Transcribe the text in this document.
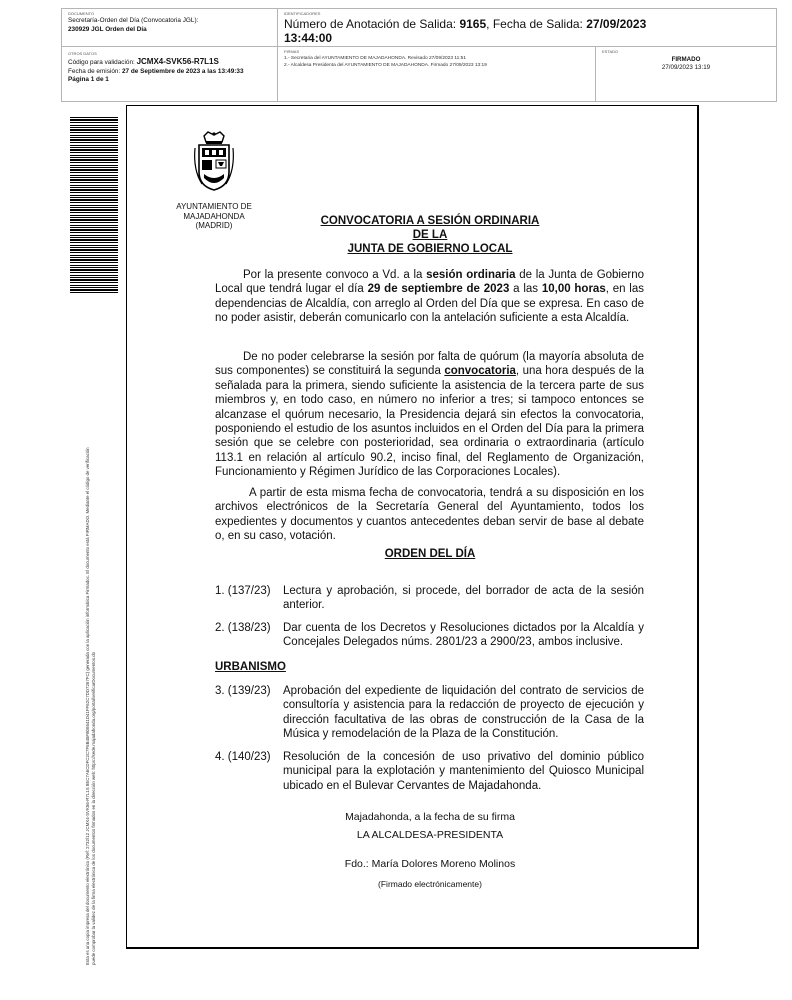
DOCUMENTO
Secretaría-Orden del Día (Convocatoria JGL):
230929 JGL Orden del Día
IDENTIFICADORES
Número de Anotación de Salida: 9165, Fecha de Salida: 27/09/2023
13:44:00
OTROS DATOS
Código para validación: JCMX4-SVK56-R7L1S
Fecha de emisión: 27 de Septiembre de 2023 a las 13:49:33
Página 1 de 1
FIRMAS
1.- Secretaria del AYUNTAMIENTO DE MAJADAHONDA. Revisado 27/09/2023 11:51
2.- Alcaldesa Presidenta del AYUNTAMIENTO DE MAJADAHONDA. Firmado 27/09/2023 13:19
ESTADO
FIRMADO
27/09/2023 13:19
Esta es una copia impresa del documento electrónico (Ref: 2732/12 JCMX4-SVK56-R7L1S 8EC7A6CDFC2C7F5B45F806541D41FF62C7DD7267FC) generada con la aplicación informática Firmadoc. El documento está FIRMADO. Mediante el código de verificación puede comprobar la validez de la firma electrónica de los documentos firmados en la dirección web: https://sede.majadahonda.org/portal/verificarDocumentos.do
AYUNTAMIENTO DE
MAJADAHONDA
(MADRID)	CONVOCATORIA A SESIÓN ORDINARIA
DE LA
JUNTA DE GOBIERNO LOCAL
Por la presente convoco a Vd. a la sesión ordinaria de la Junta de Gobierno Local que tendrá lugar el día 29 de septiembre de 2023 a las 10,00 horas, en las dependencias de Alcaldía, con arreglo al Orden del Día que se expresa. En caso de no poder asistir, deberán comunicarlo con la antelación suficiente a esta Alcaldía.
De no poder celebrarse la sesión por falta de quórum (la mayoría absoluta de sus componentes) se constituirá la segunda convocatoria, una hora después de la señalada para la primera, siendo suficiente la asistencia de la tercera parte de sus miembros y, en todo caso, en número no inferior a tres; si tampoco entonces se alcanzase el quórum necesario, la Presidencia dejará sin efectos la convocatoria, posponiendo el estudio de los asuntos incluidos en el Orden del Día para la primera sesión que se celebre con posterioridad, sea ordinaria o extraordinaria (artículo 113.1 en relación al artículo 90.2, inciso final, del Reglamento de Organización, Funcionamiento y Régimen Jurídico de las Corporaciones Locales).
A partir de esta misma fecha de convocatoria, tendrá a su disposición en los archivos electrónicos de la Secretaría General del Ayuntamiento, todos los expedientes y documentos y cuantos antecedentes deban servir de base al debate o, en su caso, votación.
ORDEN DEL DÍA
1. (137/23)	Lectura y aprobación, si procede, del borrador de acta de la sesión anterior.
2. (138/23)	Dar cuenta de los Decretos y Resoluciones dictados por la Alcaldía y Concejales Delegados núms. 2801/23 a 2900/23, ambos inclusive.
URBANISMO
3. (139/23)	Aprobación del expediente de liquidación del contrato de servicios de consultoría y asistencia para la redacción de proyecto de ejecución y dirección facultativa de las obras de construcción de la Casa de la Música y remodelación de la Plaza de la Constitución.
4. (140/23)	Resolución de la concesión de uso privativo del dominio público municipal para la explotación y mantenimiento del Quiosco Municipal ubicado en el Bulevar Cervantes de Majadahonda.
Majadahonda, a la fecha de su firma
LA ALCALDESA-PRESIDENTA
Fdo.: María Dolores Moreno Molinos
(Firmado electrónicamente)
